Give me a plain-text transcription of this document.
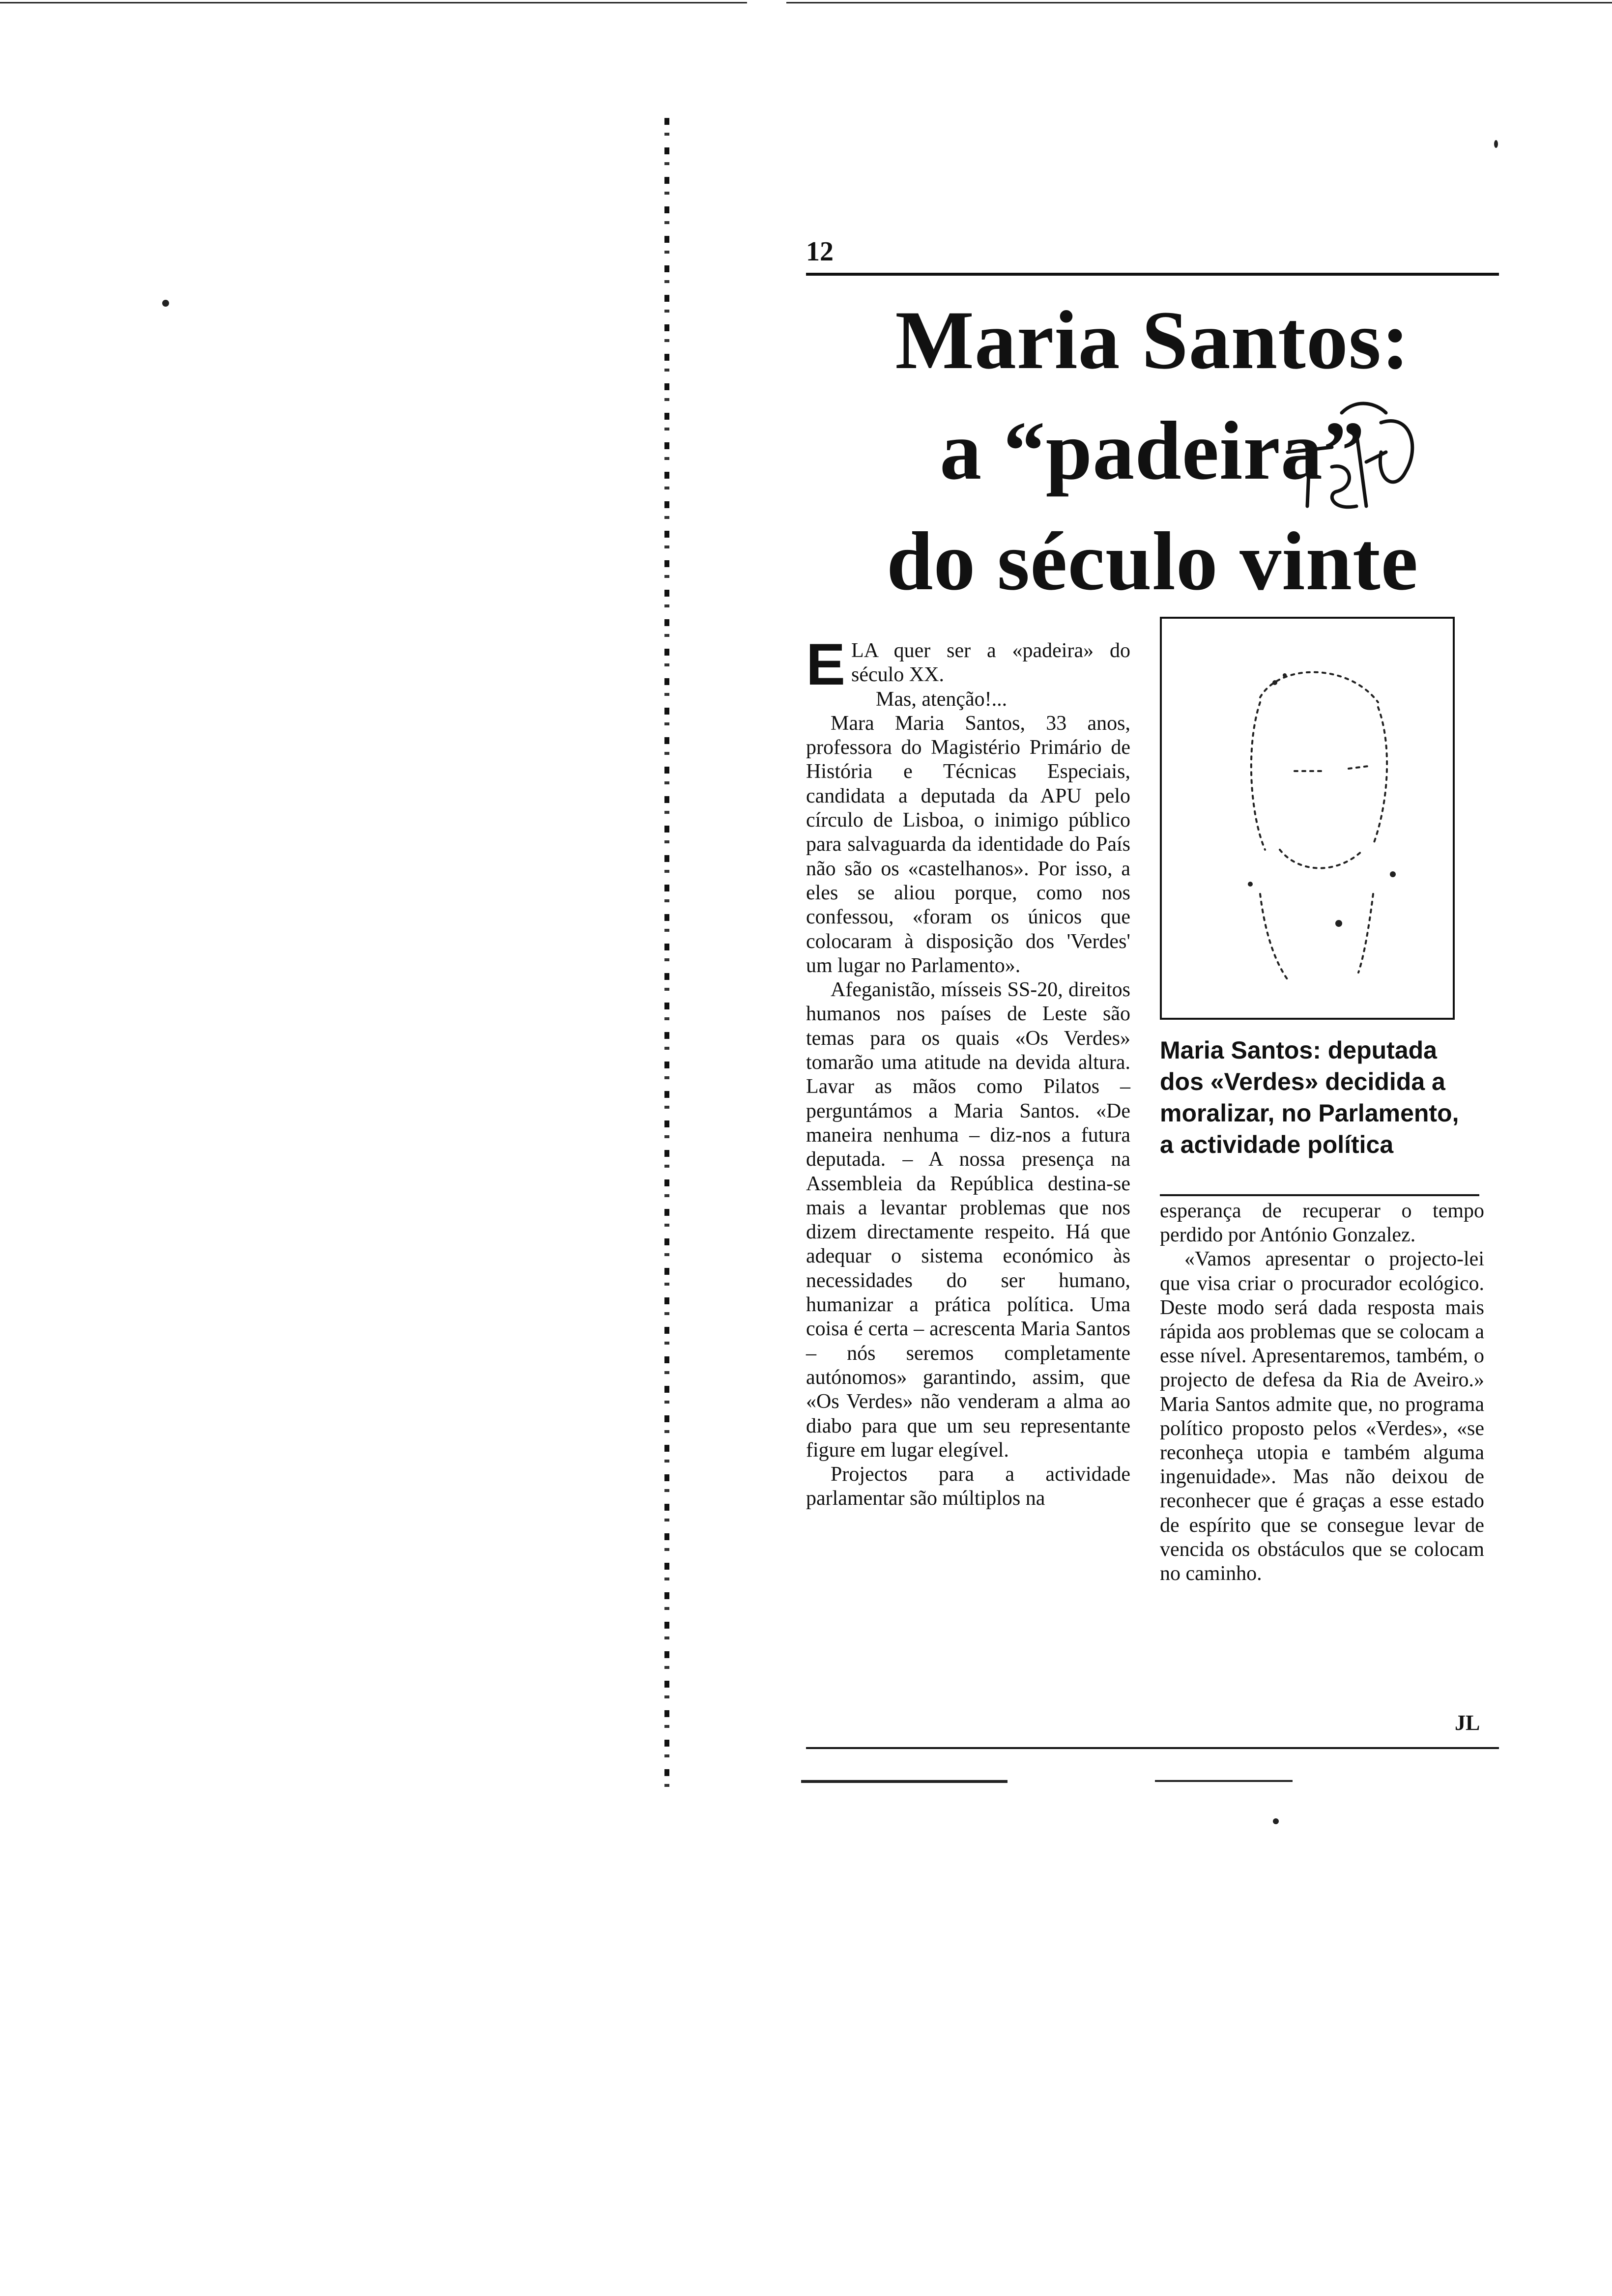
12
Maria Santos:
a “padeira”
do século vinte

ELA quer ser a «padeira» do século XX.

Mas, atenção!...

Mara Maria Santos, 33 anos, professora do Magistério Primário de História e Técnicas Especiais, candidata a deputada da APU pelo círculo de Lisboa, o inimigo público para salvaguarda da identidade do País não são os «castelhanos». Por isso, a eles se aliou porque, como nos confessou, «foram os únicos que colocaram à disposição dos 'Verdes' um lugar no Parlamento».

Afeganistão, mísseis SS-20, direitos humanos nos países de Leste são temas para os quais «Os Verdes» tomarão uma atitude na devida altura. Lavar as mãos como Pilatos – perguntámos a Maria Santos. «De maneira nenhuma – diz-nos a futura deputada. – A nossa presença na Assembleia da República destina-se mais a levantar problemas que nos dizem directamente respeito. Há que adequar o sistema económico às necessidades do ser humano, humanizar a prática política. Uma coisa é certa – acrescenta Maria Santos – nós seremos completamente autónomos» garantindo, assim, que «Os Verdes» não venderam a alma ao diabo para que um seu representante figure em lugar elegível.

Projectos para a actividade parlamentar são múltiplos na

Maria Santos: deputada dos «Verdes» decidida a moralizar, no Parlamento, a actividade política

esperança de recuperar o tempo perdido por António Gonzalez.

«Vamos apresentar o projecto-lei que visa criar o procurador ecológico. Deste modo será dada resposta mais rápida aos problemas que se colocam a esse nível. Apresentaremos, também, o projecto de defesa da Ria de Aveiro.» Maria Santos admite que, no programa político proposto pelos «Verdes», «se reconheça utopia e também alguma ingenuidade». Mas não deixou de reconhecer que é graças a esse estado de espírito que se consegue levar de vencida os obstáculos que se colocam no caminho.

JL
